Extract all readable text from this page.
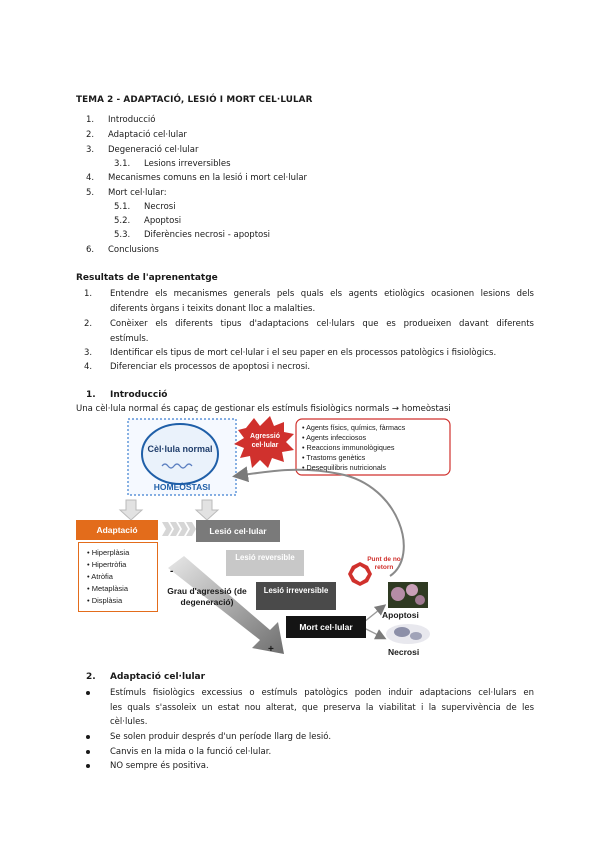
TEMA 2 - ADAPTACIÓ, LESIÓ I MORT CEL·LULAR
1. Introducció
2. Adaptació cel·lular
3. Degeneració cel·lular
3.1. Lesions irreversibles
4. Mecanismes comuns en la lesió i mort cel·lular
5. Mort cel·lular:
5.1. Necrosi
5.2. Apoptosi
5.3. Diferències necrosi - apoptosi
6. Conclusions
Resultats de l'aprenentatge
1. Entendre els mecanismes generals pels quals els agents etiològics ocasionen lesions dels
diferents òrgans i teixits donant lloc a malalties.
2. Conèixer els diferents tipus d'adaptacions cel·lulars que es produeixen davant diferents
estímuls.
3. Identificar els tipus de mort cel·lular i el seu paper en els processos patològics i fisiològics.
4. Diferenciar els processos de apoptosi i necrosi.
1. Introducció
Una cèl·lula normal és capaç de gestionar els estímuls fisiològics normals → homeòstasi
Cèl·lula normal
HOMEÒSTASI
Agressió cel·lular
• Agents físics, químics, fàrmacs
• Agents infecciosos
• Reaccions immunològiques
• Trastorns genètics
• Desequilibris nutricionals
Adaptació
• Hiperplàsia
• Hipertròfia
• Atròfia
• Metaplàsia
• Displàsia
Lesió cel·lular
Lesió reversible
Lesió irreversible
Mort cel·lular
Punt de no retorn
Apoptosi
Necrosi
-
+
Grau d'agressió (de degeneració)
2. Adaptació cel·lular
Estímuls fisiològics excessius o estímuls patològics poden induir adaptacions cel·lulars en
les quals s'assoleix un estat nou alterat, que preserva la viabilitat i la supervivència de les
cèl·lules.
Se solen produir després d'un període llarg de lesió.
Canvis en la mida o la funció cel·lular.
NO sempre és positiva.
